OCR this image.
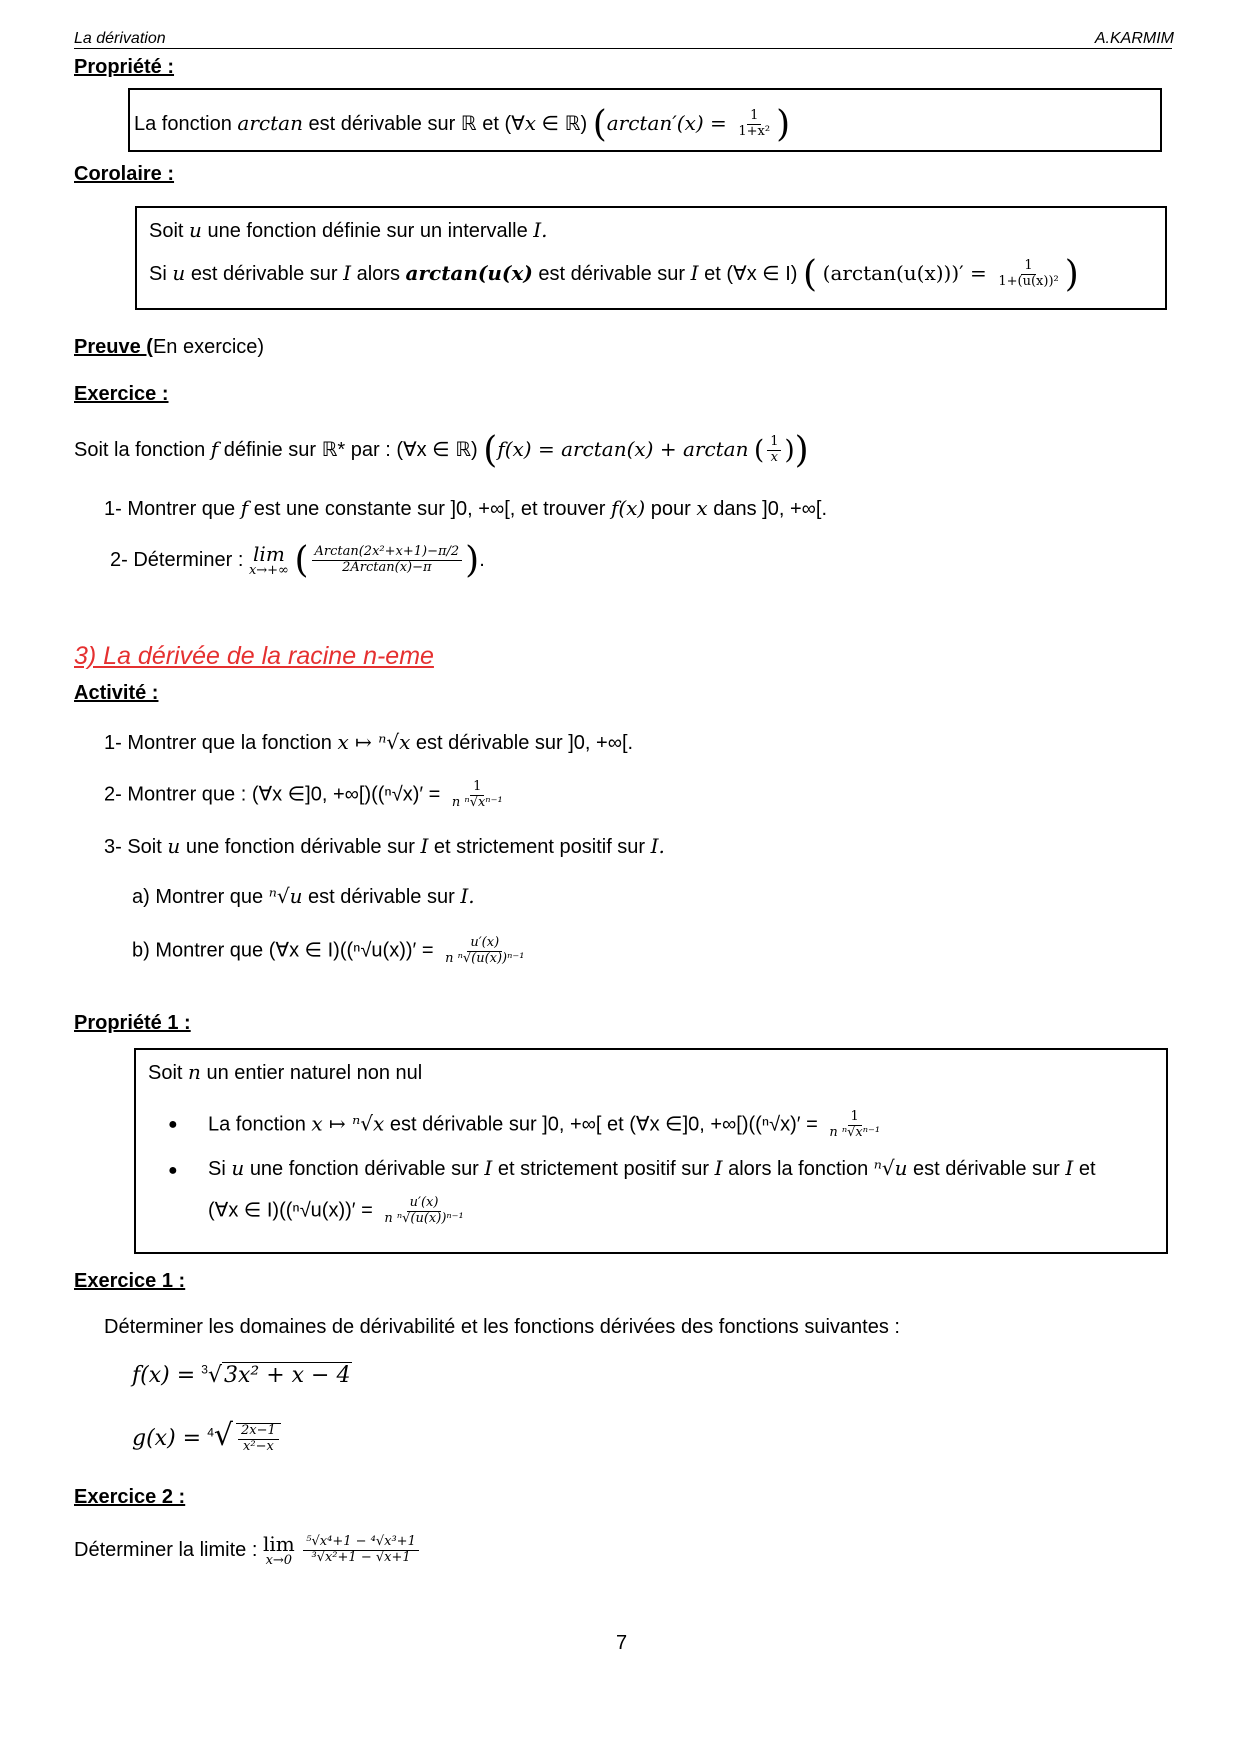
La dérivation	A.KARMIM
Propriété :
La fonction arctan est dérivable sur ℝ et (∀x ∈ ℝ) ($\arctan'(x) = \frac{1}{\text{1+x²}}$ )
Corolaire :
Soit u une fonction définie sur un intervalle I.
Si u est dérivable sur I alors arctan(u(x) est dérivable sur I et (∀x ∈ I) ( $(\arctan(u(x)))' = \frac{1}{\text{1+(u(x))²}}$ )
Preuve (En exercice)
Exercice :
Soit la fonction f définie sur ℝ* par : (∀x ∈ ℝ) (f(x) = arctan(x) + arctan ( $\frac{1}{x}$ ))
1- Montrer que f est une constante sur ]0, +∞[, et trouver f(x) pour x dans ]0, +∞[.
2- Déterminer : lim
x→+∞ ( $\frac{\text{Arctan(2x²+x+1)−π/2}}{\text{2Arctan(x)−π}}$ ).
3) La dérivée de la racine n-eme
Activité :
1- Montrer que la fonction x ↦ ⁿ√x est dérivable sur ]0, +∞[.
2- Montrer que : (∀x ∈]0, $+\infty[)((^n√x)' = \frac{1}{\text{n ⁿ√xⁿ⁻¹}}$
3- Soit u une fonction dérivable sur I et strictement positif sur I.
a) Montrer que ⁿ√u est dérivable sur I.
b) Montrer que (∀x ∈ $I)((^n√u(x))' = \frac{u'(x)}{\text{n ⁿ√(u(x))ⁿ⁻¹}}$
Propriété 1 :
Soit n un entier naturel non nul
● La fonction x ↦ ⁿ√x est dérivable sur ]0, +∞[ et (∀x ∈]0, $+\infty[)((^n√x)' = \frac{1}{\text{n ⁿ√xⁿ⁻¹}}$
● Si u une fonction dérivable sur I et strictement positif sur I alors la fonction ⁿ√u est dérivable sur I et
(∀x ∈ $I)((^n√u(x))' = \frac{u'(x)}{\text{n ⁿ√(u(x))ⁿ⁻¹}}$
Exercice 1 :
Déterminer les domaines de dérivabilité et les fonctions dérivées des fonctions suivantes :
f(x) = $^3$√3x² + x − 4
$g(x) = ^4√ \frac{2x-1}{\text{x²−x}}$
Exercice 2 :
Déterminer la limite : lim
x→0
$\frac{\text{⁵√x⁴+1 − ⁴√x³+1}}{\text{³√x²+1 − √x+1}}$
7
